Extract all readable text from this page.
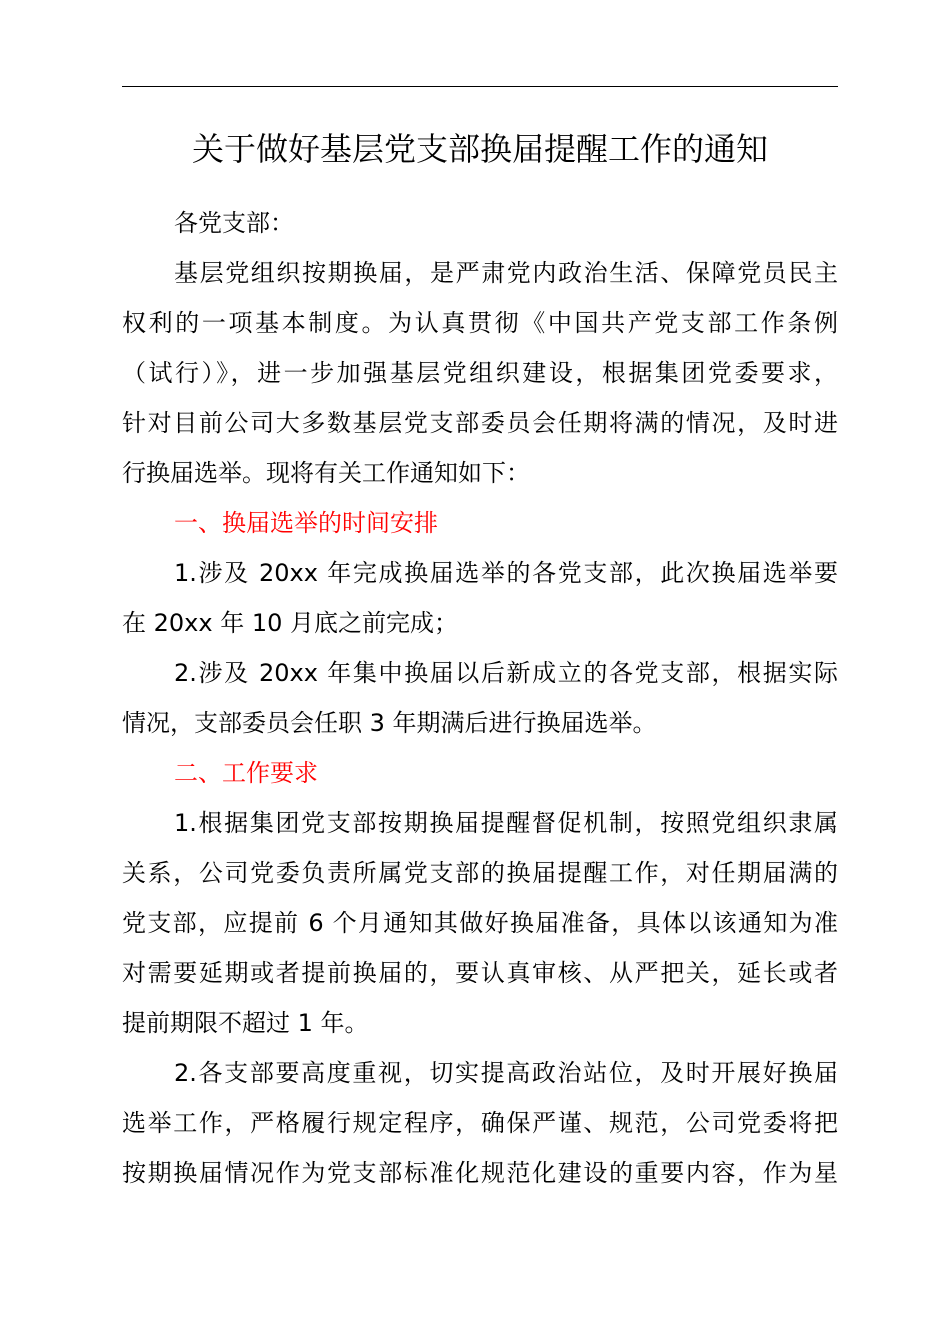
关于做好基层党支部换届提醒工作的通知
各党支部：
基层党组织按期换届，是严肃党内政治生活、保障党员民主
权利的一项基本制度。为认真贯彻《中国共产党支部工作条例
（试行）》，进一步加强基层党组织建设，根据集团党委要求，
针对目前公司大多数基层党支部委员会任期将满的情况，及时进
行换届选举。现将有关工作通知如下：
一、换届选举的时间安排
1.涉及 20xx 年完成换届选举的各党支部，此次换届选举要
在 20xx 年 10 月底之前完成；
2.涉及 20xx 年集中换届以后新成立的各党支部，根据实际
情况，支部委员会任职 3 年期满后进行换届选举。
二、工作要求
1.根据集团党支部按期换届提醒督促机制，按照党组织隶属
关系，公司党委负责所属党支部的换届提醒工作，对任期届满的
党支部，应提前 6 个月通知其做好换届准备，具体以该通知为准
对需要延期或者提前换届的，要认真审核、从严把关，延长或者
提前期限不超过 1 年。
2.各支部要高度重视，切实提高政治站位，及时开展好换届
选举工作，严格履行规定程序，确保严谨、规范，公司党委将把
按期换届情况作为党支部标准化规范化建设的重要内容，作为星
